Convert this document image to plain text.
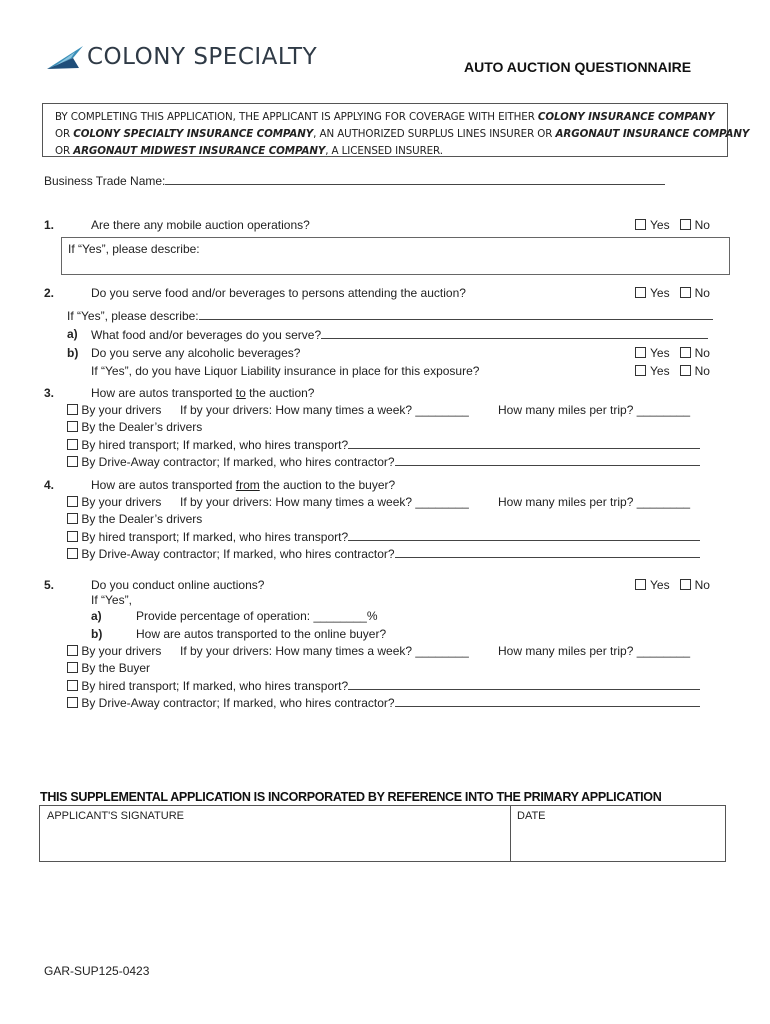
COLONY SPECIALTY	AUTO AUCTION QUESTIONNAIRE
BY COMPLETING THIS APPLICATION, THE APPLICANT IS APPLYING FOR COVERAGE WITH EITHER COLONY INSURANCE COMPANY
OR COLONY SPECIALTY INSURANCE COMPANY, AN AUTHORIZED SURPLUS LINES INSURER OR ARGONAUT INSURANCE COMPANY
OR ARGONAUT MIDWEST INSURANCE COMPANY, A LICENSED INSURER.
Business Trade Name:
1.	Are there any mobile auction operations?	Yes No
If “Yes”, please describe:
2.	Do you serve food and/or beverages to persons attending the auction?	Yes No
If “Yes”, please describe:
a) What food and/or beverages do you serve?
b) Do you serve any alcoholic beverages?	Yes No
If “Yes”, do you have Liquor Liability insurance in place for this exposure?	Yes No
3.	How are autos transported to the auction?
By your drivers If by your drivers: How many times a week? ________ How many miles per trip? ________
By the Dealer’s drivers
By hired transport; If marked, who hires transport?
By Drive-Away contractor; If marked, who hires contractor?
4.	How are autos transported from the auction to the buyer?
By your drivers If by your drivers: How many times a week? ________ How many miles per trip? ________
By the Dealer’s drivers
By hired transport; If marked, who hires transport?
By Drive-Away contractor; If marked, who hires contractor?
5.	Do you conduct online auctions?	Yes No
If “Yes”,
a)	Provide percentage of operation: ________%
b)	How are autos transported to the online buyer?
By your drivers If by your drivers: How many times a week? ________ How many miles per trip? ________
By the Buyer
By hired transport; If marked, who hires transport?
By Drive-Away contractor; If marked, who hires contractor?
THIS SUPPLEMENTAL APPLICATION IS INCORPORATED BY REFERENCE INTO THE PRIMARY APPLICATION
APPLICANT'S SIGNATURE	DATE
GAR-SUP125-0423
